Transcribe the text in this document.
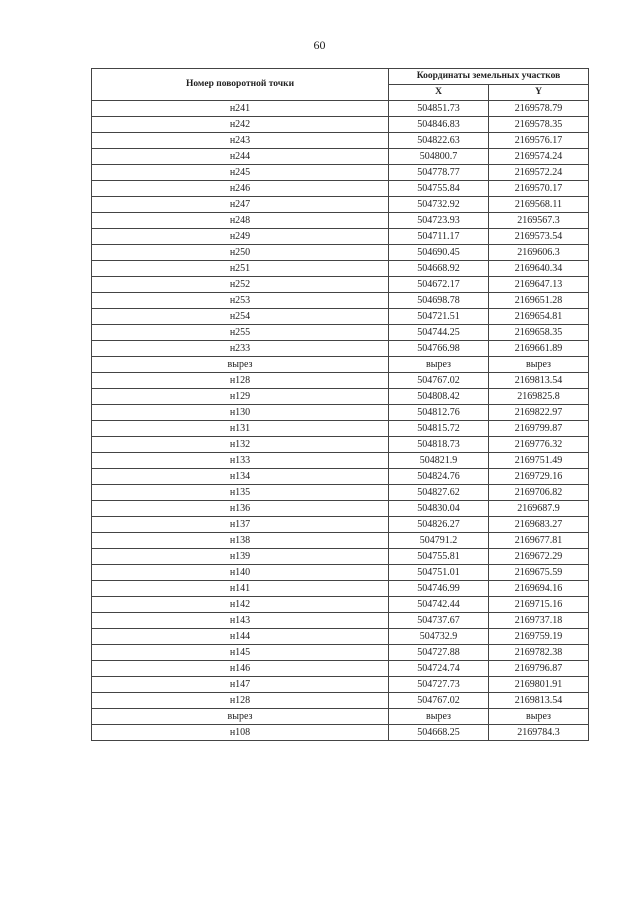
60
Номер поворотной точки	Координаты земельных участков	
	X	Y
н241	504851.73	2169578.79
н242	504846.83	2169578.35
н243	504822.63	2169576.17
н244	504800.7	2169574.24
н245	504778.77	2169572.24
н246	504755.84	2169570.17
н247	504732.92	2169568.11
н248	504723.93	2169567.3
н249	504711.17	2169573.54
н250	504690.45	2169606.3
н251	504668.92	2169640.34
н252	504672.17	2169647.13
н253	504698.78	2169651.28
н254	504721.51	2169654.81
н255	504744.25	2169658.35
н233	504766.98	2169661.89
вырез	вырез	вырез
н128	504767.02	2169813.54
н129	504808.42	2169825.8
н130	504812.76	2169822.97
н131	504815.72	2169799.87
н132	504818.73	2169776.32
н133	504821.9	2169751.49
н134	504824.76	2169729.16
н135	504827.62	2169706.82
н136	504830.04	2169687.9
н137	504826.27	2169683.27
н138	504791.2	2169677.81
н139	504755.81	2169672.29
н140	504751.01	2169675.59
н141	504746.99	2169694.16
н142	504742.44	2169715.16
н143	504737.67	2169737.18
н144	504732.9	2169759.19
н145	504727.88	2169782.38
н146	504724.74	2169796.87
н147	504727.73	2169801.91
н128	504767.02	2169813.54
вырез	вырез	вырез
н108	504668.25	2169784.3
